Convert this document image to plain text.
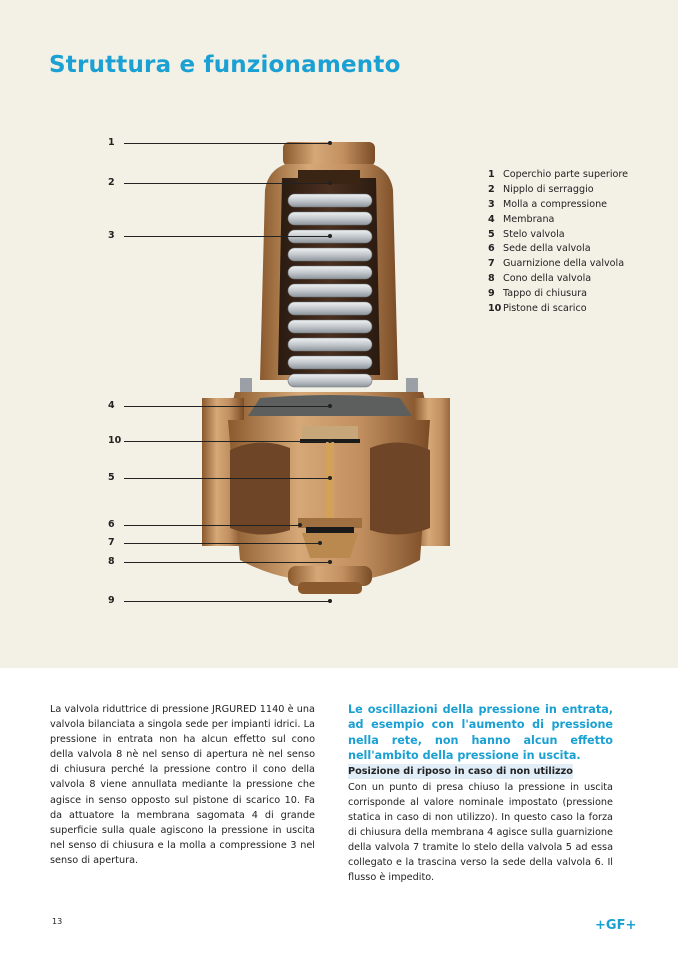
Struttura e funzionamento
1
2
3
4
10
5
6
7
8
9
1 Coperchio parte superiore
2 Nipplo di serraggio
3 Molla a compressione
4 Membrana
5 Stelo valvola
6 Sede della valvola
7 Guarnizione della valvola
8 Cono della valvola
9 Tappo di chiusura
10 Pistone di scarico
La valvola riduttrice di pressione JRGURED 1140 è una valvola bilanciata a singola sede per impianti idrici. La pressione in entrata non ha alcun effetto sul cono della valvola 8 nè nel senso di apertura nè nel senso di chiusura perché la pressione contro il cono della valvola 8 viene annullata mediante la pressione che agisce in senso opposto sul pistone di scarico 10. Fa da attuatore la membrana sagomata 4 di grande superficie sulla quale agiscono la pressione in uscita nel senso di chiusura e la molla a compressione 3 nel senso di apertura.

Le oscillazioni della pressione in entrata, ad esempio con l'aumento di pressione nella rete, non hanno alcun effetto nell'ambito della pressione in uscita.

Posizione di riposo in caso di non utilizzo

Con un punto di presa chiuso la pressione in uscita corrisponde al valore nominale impostato (pressione statica in caso di non utilizzo). In questo caso la forza di chiusura della membrana 4 agisce sulla guarnizione della valvola 7 tramite lo stelo della valvola 5 ad essa collegato e la trascina verso la sede della valvola 6. Il flusso è impedito.

13	+GF+
